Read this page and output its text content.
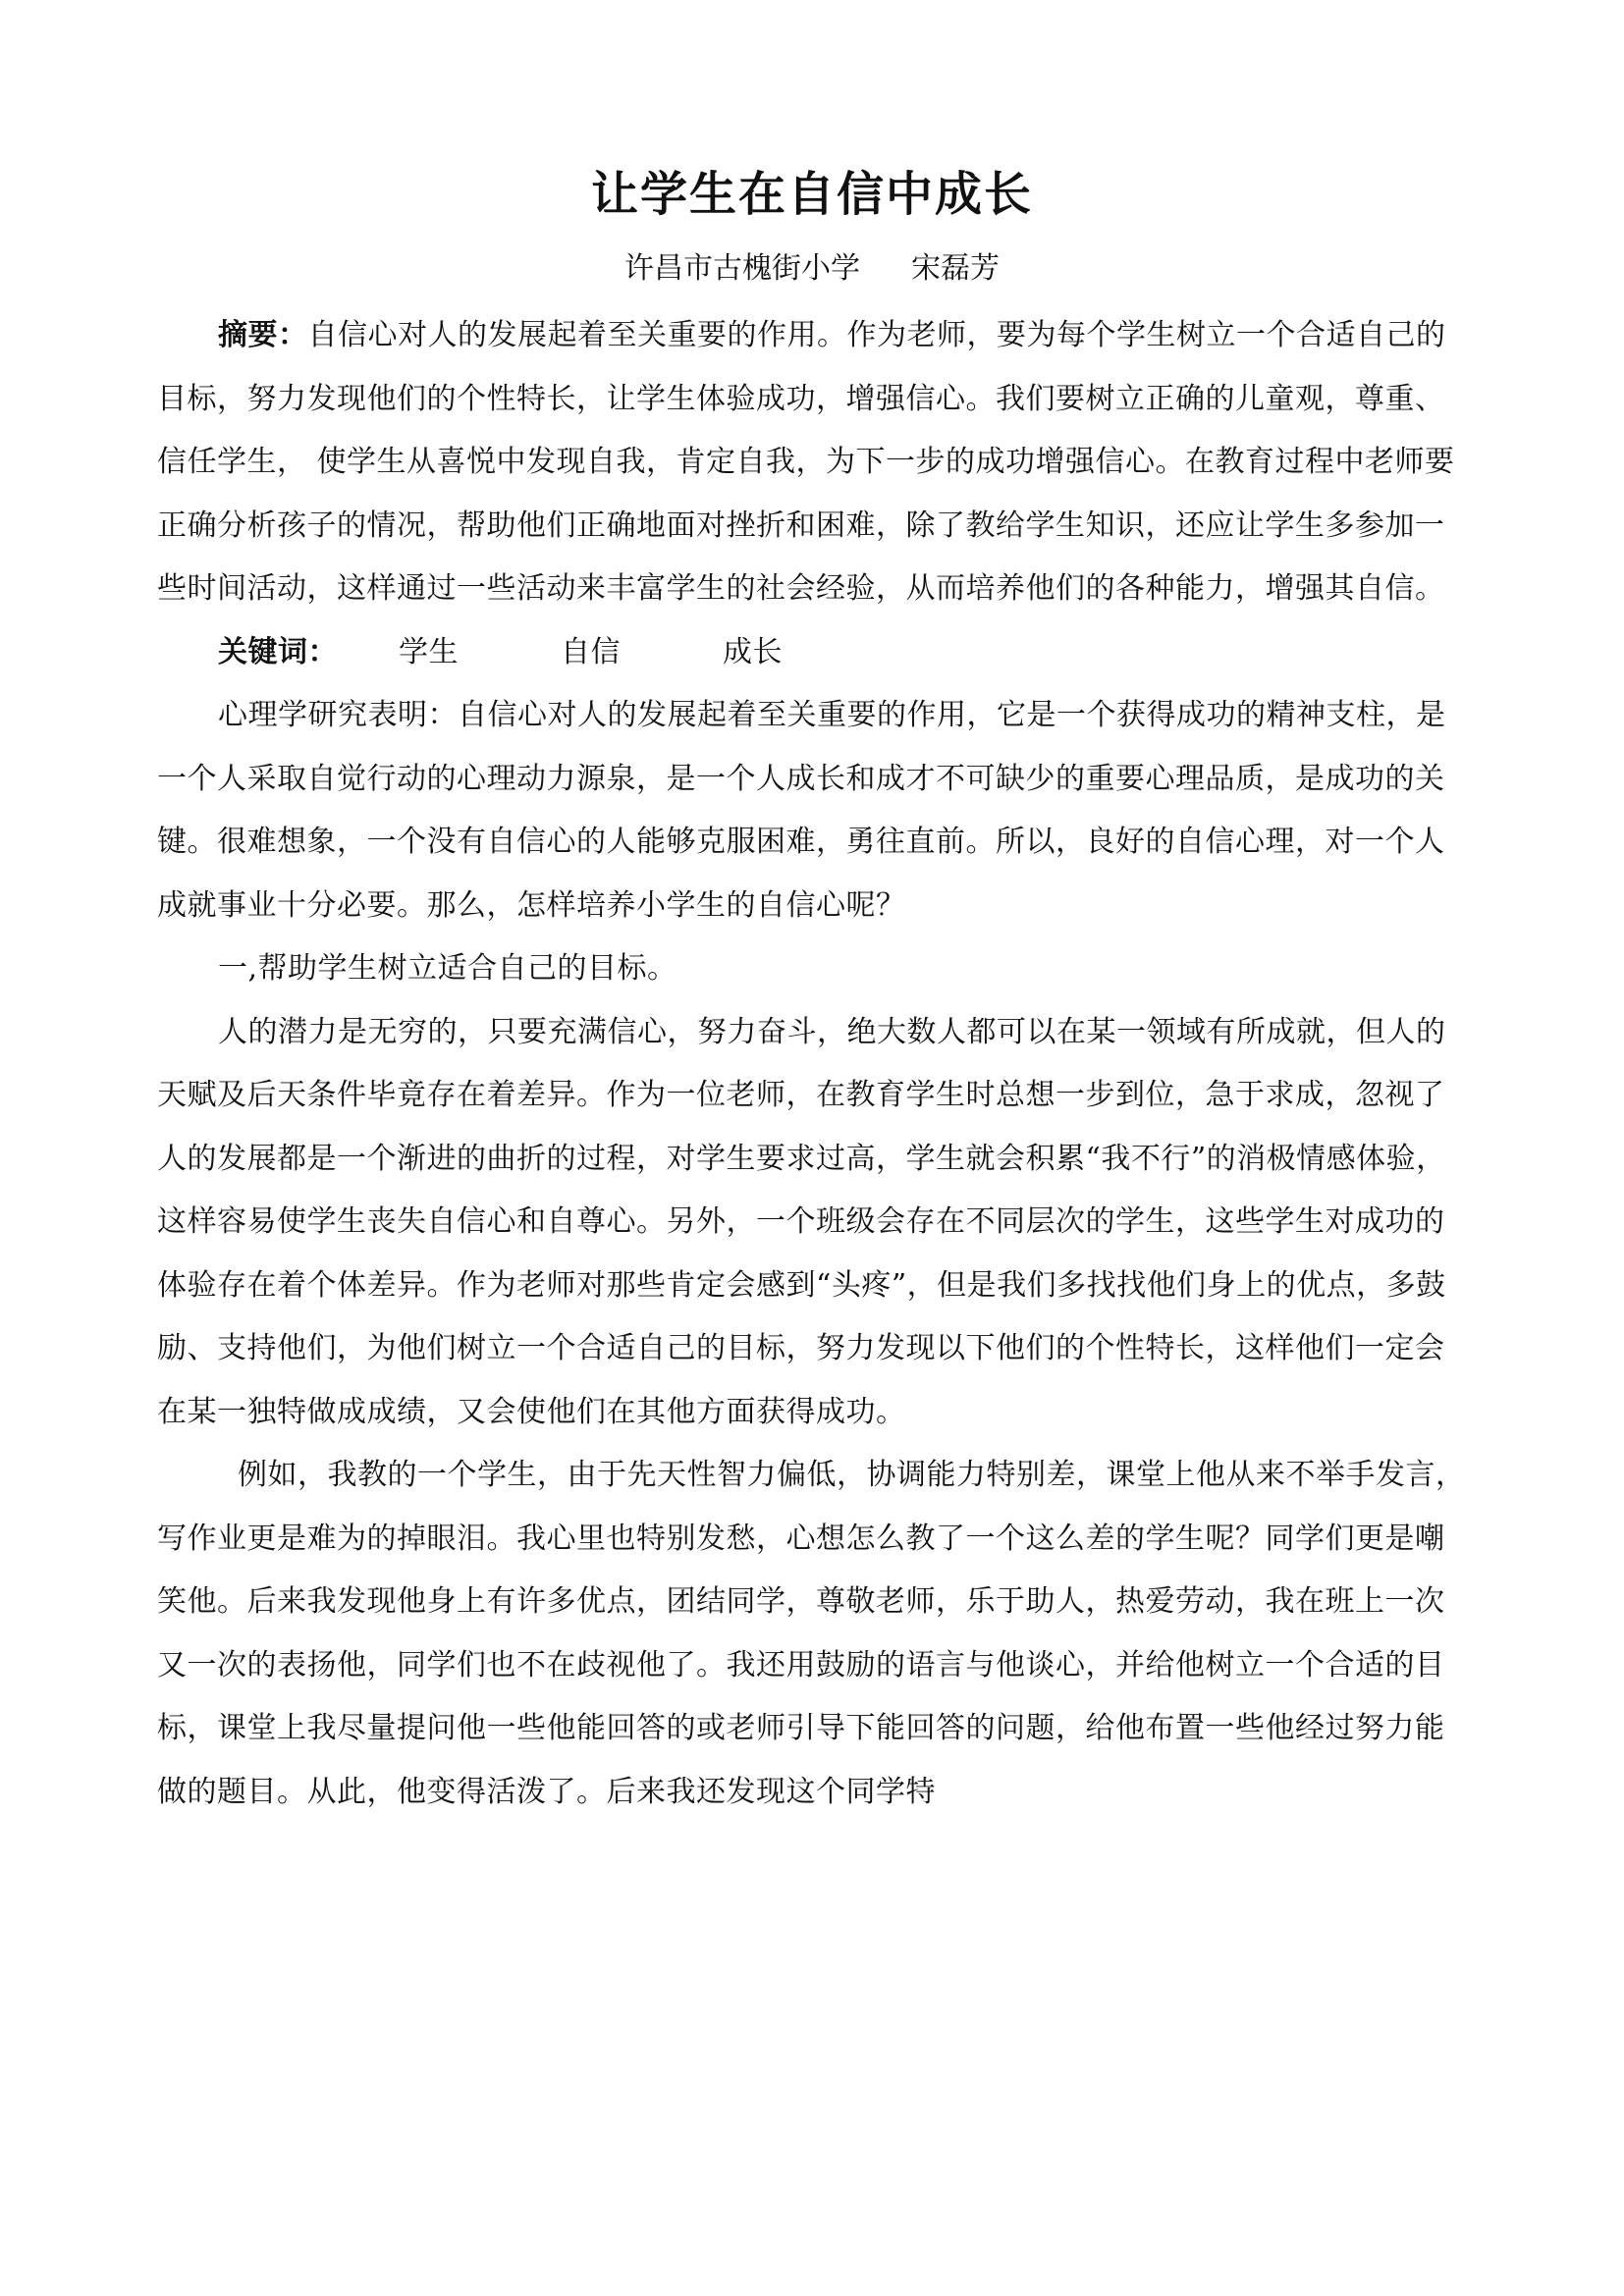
让学生在自信中成长
许昌市古槐街小学 宋磊芳

摘要：自信心对人的发展起着至关重要的作用。作为老师，要为每个学生树立一个合适自己的目标，努力发现他们的个性特长，让学生体验成功，增强信心。我们要树立正确的儿童观，尊重、信任学生， 使学生从喜悦中发现自我，肯定自我，为下一步的成功增强信心。在教育过程中老师要正确分析孩子的情况，帮助他们正确地面对挫折和困难，除了教给学生知识，还应让学生多参加一些时间活动，这样通过一些活动来丰富学生的社会经验，从而培养他们的各种能力，增强其自信。

关键词： 学生	自信	成长

心理学研究表明：自信心对人的发展起着至关重要的作用，它是一个获得成功的精神支柱，是一个人采取自觉行动的心理动力源泉，是一个人成长和成才不可缺少的重要心理品质，是成功的关键。很难想象，一个没有自信心的人能够克服困难，勇往直前。所以，良好的自信心理，对一个人成就事业十分必要。那么，怎样培养小学生的自信心呢？

一,帮助学生树立适合自己的目标。

人的潜力是无穷的，只要充满信心，努力奋斗，绝大数人都可以在某一领域有所成就，但人的天赋及后天条件毕竟存在着差异。作为一位老师，在教育学生时总想一步到位，急于求成，忽视了人的发展都是一个渐进的曲折的过程，对学生要求过高，学生就会积累“我不行”的消极情感体验，这样容易使学生丧失自信心和自尊心。另外，一个班级会存在不同层次的学生，这些学生对成功的体验存在着个体差异。作为老师对那些肯定会感到“头疼”，但是我们多找找他们身上的优点，多鼓励、支持他们，为他们树立一个合适自己的目标，努力发现以下他们的个性特长，这样他们一定会在某一独特做成成绩，又会使他们在其他方面获得成功。

例如，我教的一个学生，由于先天性智力偏低，协调能力特别差，课堂上他从来不举手发言，写作业更是难为的掉眼泪。我心里也特别发愁，心想怎么教了一个这么差的学生呢？同学们更是嘲笑他。后来我发现他身上有许多优点，团结同学，尊敬老师，乐于助人，热爱劳动，我在班上一次又一次的表扬他，同学们也不在歧视他了。我还用鼓励的语言与他谈心，并给他树立一个合适的目标，课堂上我尽量提问他一些他能回答的或老师引导下能回答的问题，给他布置一些他经过努力能做的题目。从此，他变得活泼了。后来我还发现这个同学特
